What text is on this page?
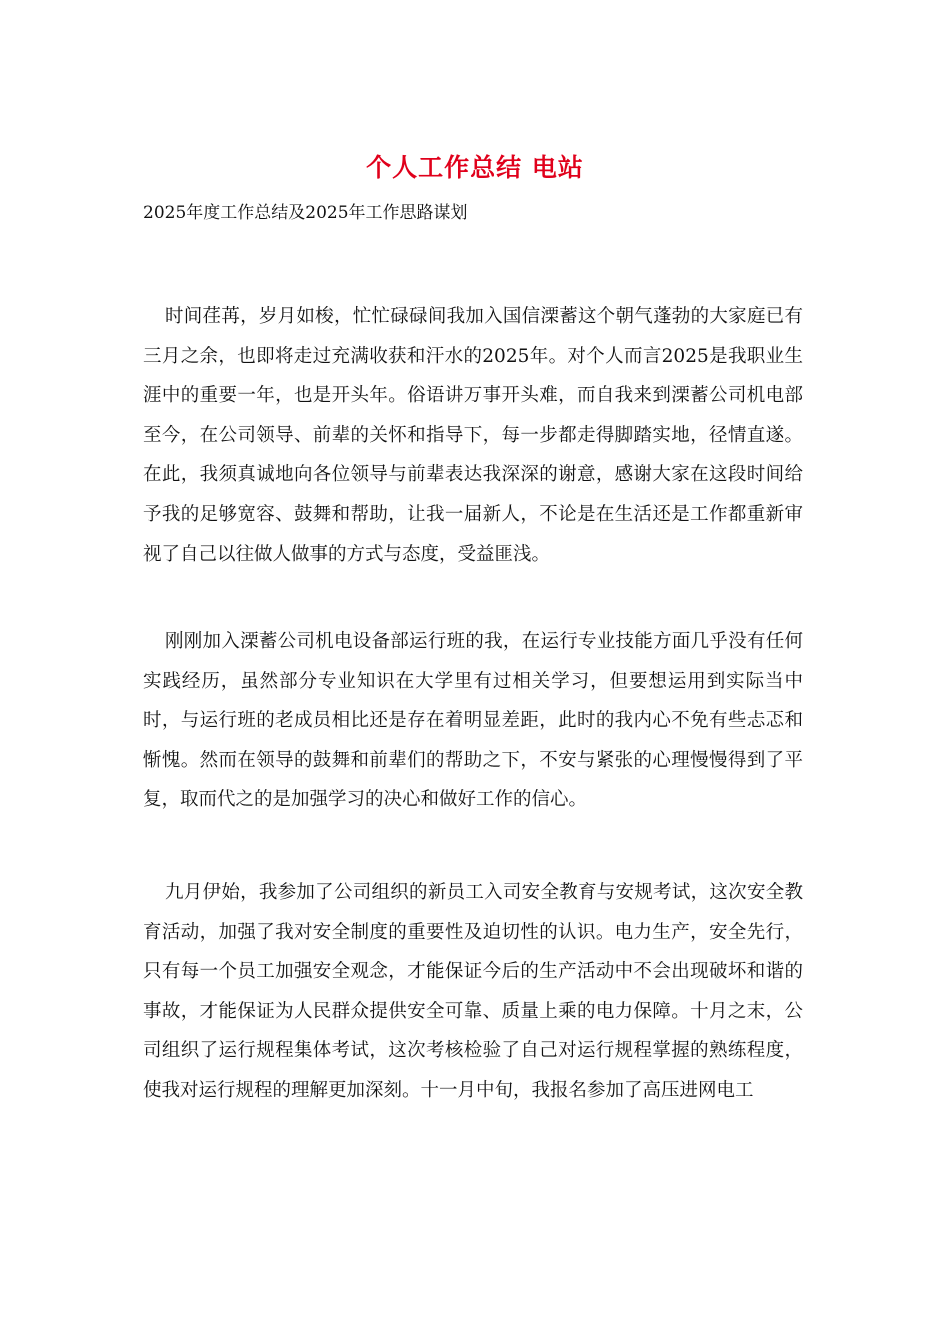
个人工作总结 电站
2025年度工作总结及2025年工作思路谋划

时间荏苒，岁月如梭，忙忙碌碌间我加入国信溧蓄这个朝气蓬勃的大家庭已有三月之余，也即将走过充满收获和汗水的2025年。对个人而言2025是我职业生涯中的重要一年，也是开头年。俗语讲万事开头难，而自我来到溧蓄公司机电部至今，在公司领导、前辈的关怀和指导下，每一步都走得脚踏实地，径情直遂。在此，我须真诚地向各位领导与前辈表达我深深的谢意，感谢大家在这段时间给予我的足够宽容、鼓舞和帮助，让我一届新人，不论是在生活还是工作都重新审视了自己以往做人做事的方式与态度，受益匪浅。

刚刚加入溧蓄公司机电设备部运行班的我，在运行专业技能方面几乎没有任何实践经历，虽然部分专业知识在大学里有过相关学习，但要想运用到实际当中时，与运行班的老成员相比还是存在着明显差距，此时的我内心不免有些忐忑和惭愧。然而在领导的鼓舞和前辈们的帮助之下，不安与紧张的心理慢慢得到了平复，取而代之的是加强学习的决心和做好工作的信心。

九月伊始，我参加了公司组织的新员工入司安全教育与安规考试，这次安全教育活动，加强了我对安全制度的重要性及迫切性的认识。电力生产，安全先行，只有每一个员工加强安全观念，才能保证今后的生产活动中不会出现破坏和谐的事故，才能保证为人民群众提供安全可靠、质量上乘的电力保障。十月之末，公司组织了运行规程集体考试，这次考核检验了自己对运行规程掌握的熟练程度，使我对运行规程的理解更加深刻。十一月中旬，我报名参加了高压进网电工
